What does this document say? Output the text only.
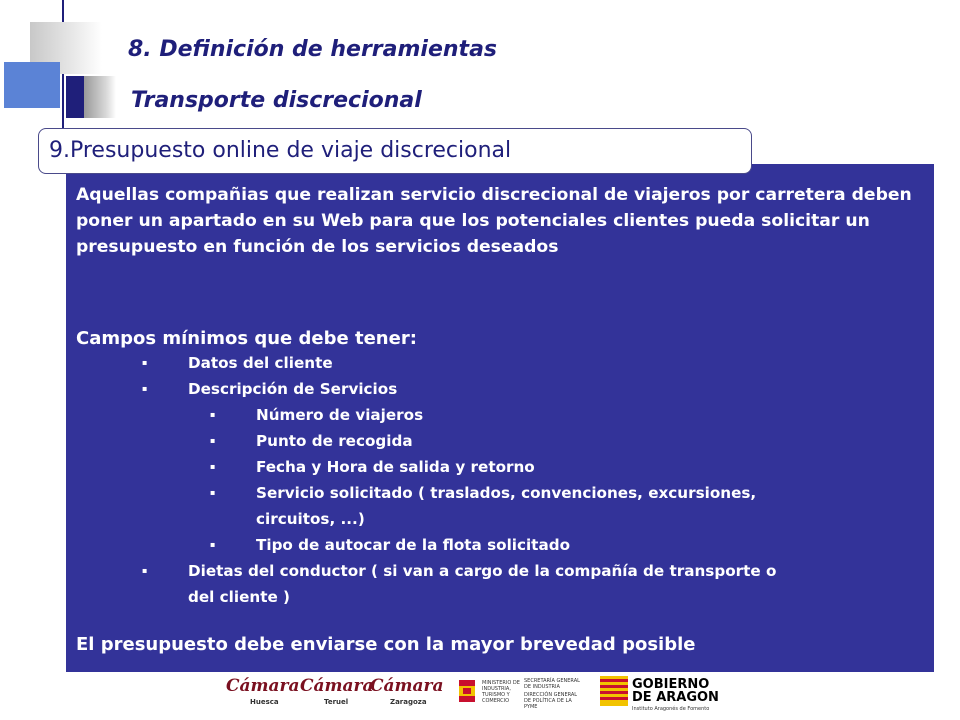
8. Definición de herramientas
Transporte discrecional
9.Presupuesto online de viaje discrecional

Aquellas compañias que realizan servicio discrecional de viajeros por carretera deben poner un apartado en su Web para que los potenciales clientes pueda solicitar un presupuesto en función de los servicios deseados

Campos mínimos que debe tener:

▪	Datos del cliente
▪	Descripción de Servicios
▪	Número de viajeros
▪	Punto de recogida
▪	Fecha y Hora de salida y retorno
▪	Servicio solicitado ( traslados, convenciones, excursiones,
circuitos, ...)
▪	Tipo de autocar de la flota solicitado
▪	Dietas del conductor ( si van a cargo de la compañía de transporte o
del cliente )

El presupuesto debe enviarse con la mayor brevedad posible

Cámara
Huesca
Cámara
Teruel
Cámara
Zaragoza
MINISTERIO DE INDUSTRIA, TURISMO Y COMERCIO
SECRETARÍA GENERAL DE INDUSTRIA
DIRECCIÓN GENERAL DE POLÍTICA DE LA PYME
GOBIERNO
DE ARAGON
Instituto Aragonés de Fomento
